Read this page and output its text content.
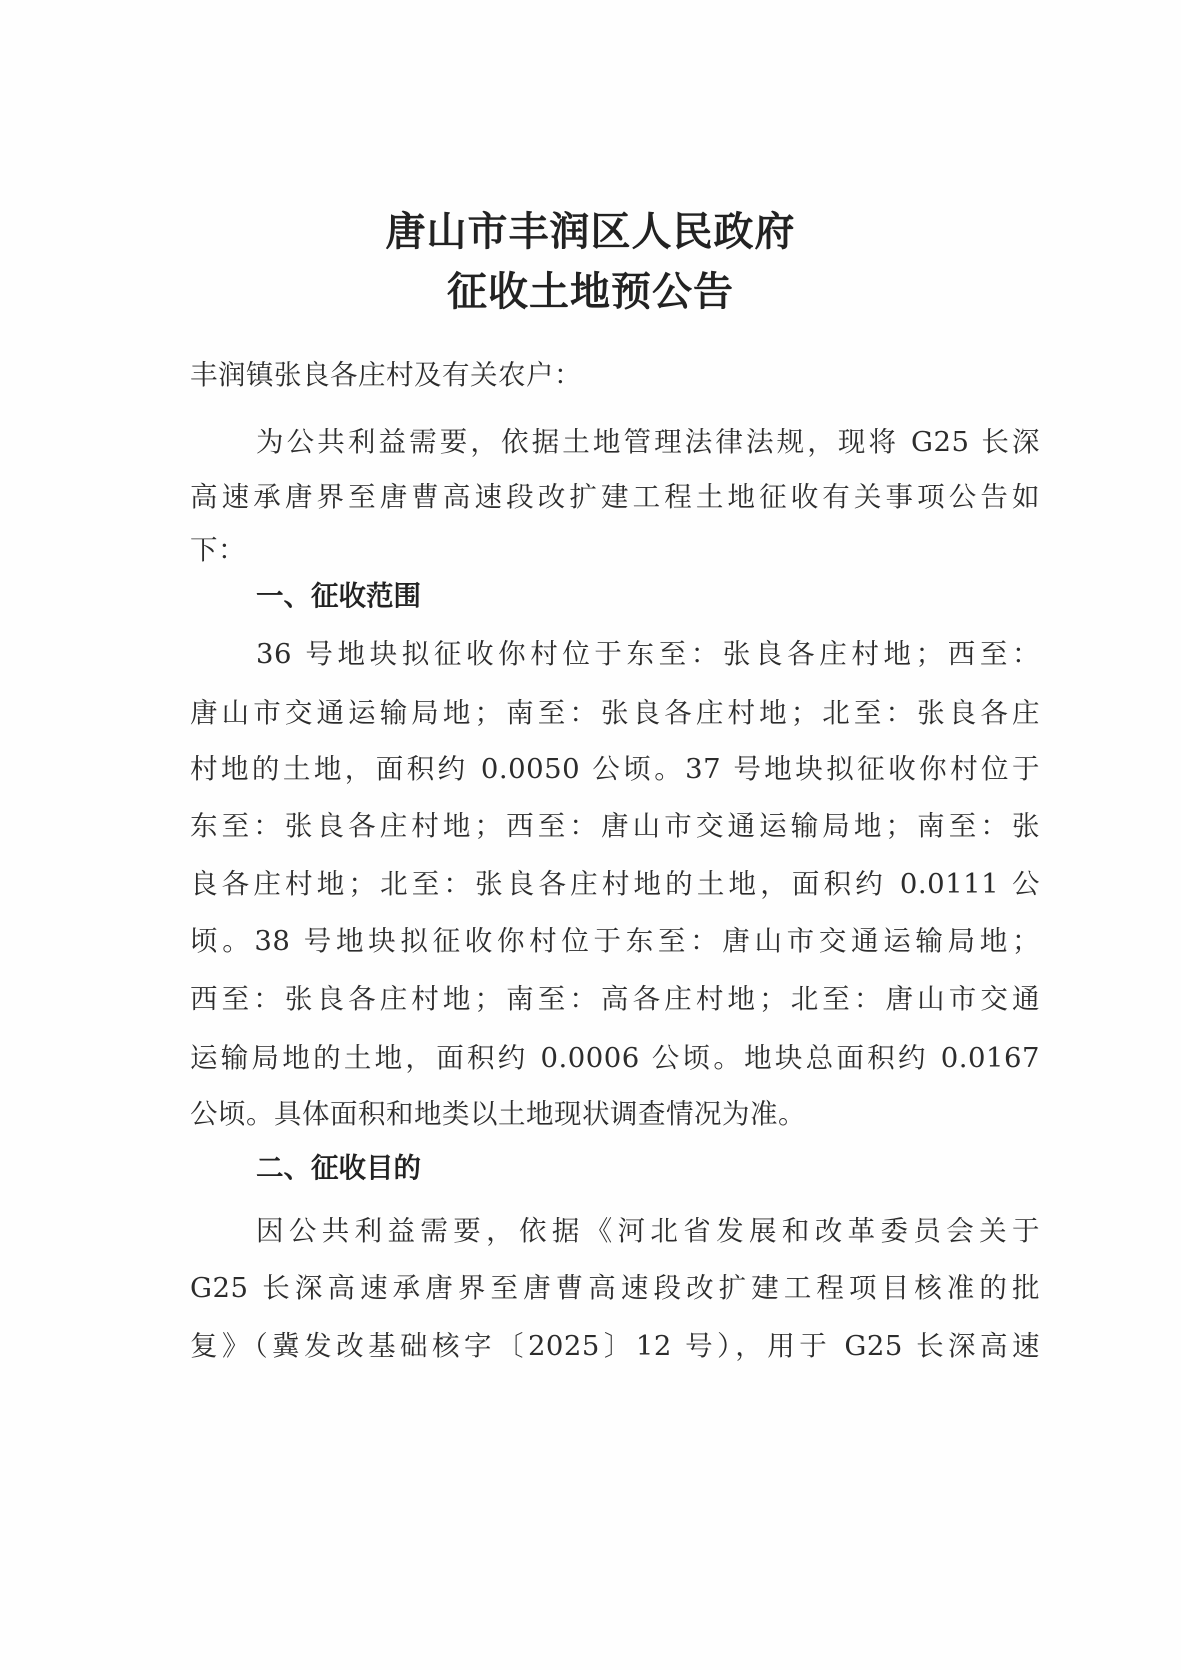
唐山市丰润区人民政府
征收土地预公告
丰润镇张良各庄村及有关农户：
为公共利益需要，依据土地管理法律法规，现将 G25 长深
高速承唐界至唐曹高速段改扩建工程土地征收有关事项公告如
下：
一、征收范围
36 号地块拟征收你村位于东至：张良各庄村地；西至：
唐山市交通运输局地；南至：张良各庄村地；北至：张良各庄
村地的土地，面积约 0.0050 公顷。37 号地块拟征收你村位于
东至：张良各庄村地；西至：唐山市交通运输局地；南至：张
良各庄村地；北至：张良各庄村地的土地，面积约 0.0111 公
顷。38 号地块拟征收你村位于东至：唐山市交通运输局地；
西至：张良各庄村地；南至：高各庄村地；北至：唐山市交通
运输局地的土地，面积约 0.0006 公顷。地块总面积约 0.0167
公顷。具体面积和地类以土地现状调查情况为准。
二、征收目的
因公共利益需要，依据《河北省发展和改革委员会关于
G25 长深高速承唐界至唐曹高速段改扩建工程项目核准的批
复》（冀发改基础核字〔2025〕12 号），用于 G25 长深高速
